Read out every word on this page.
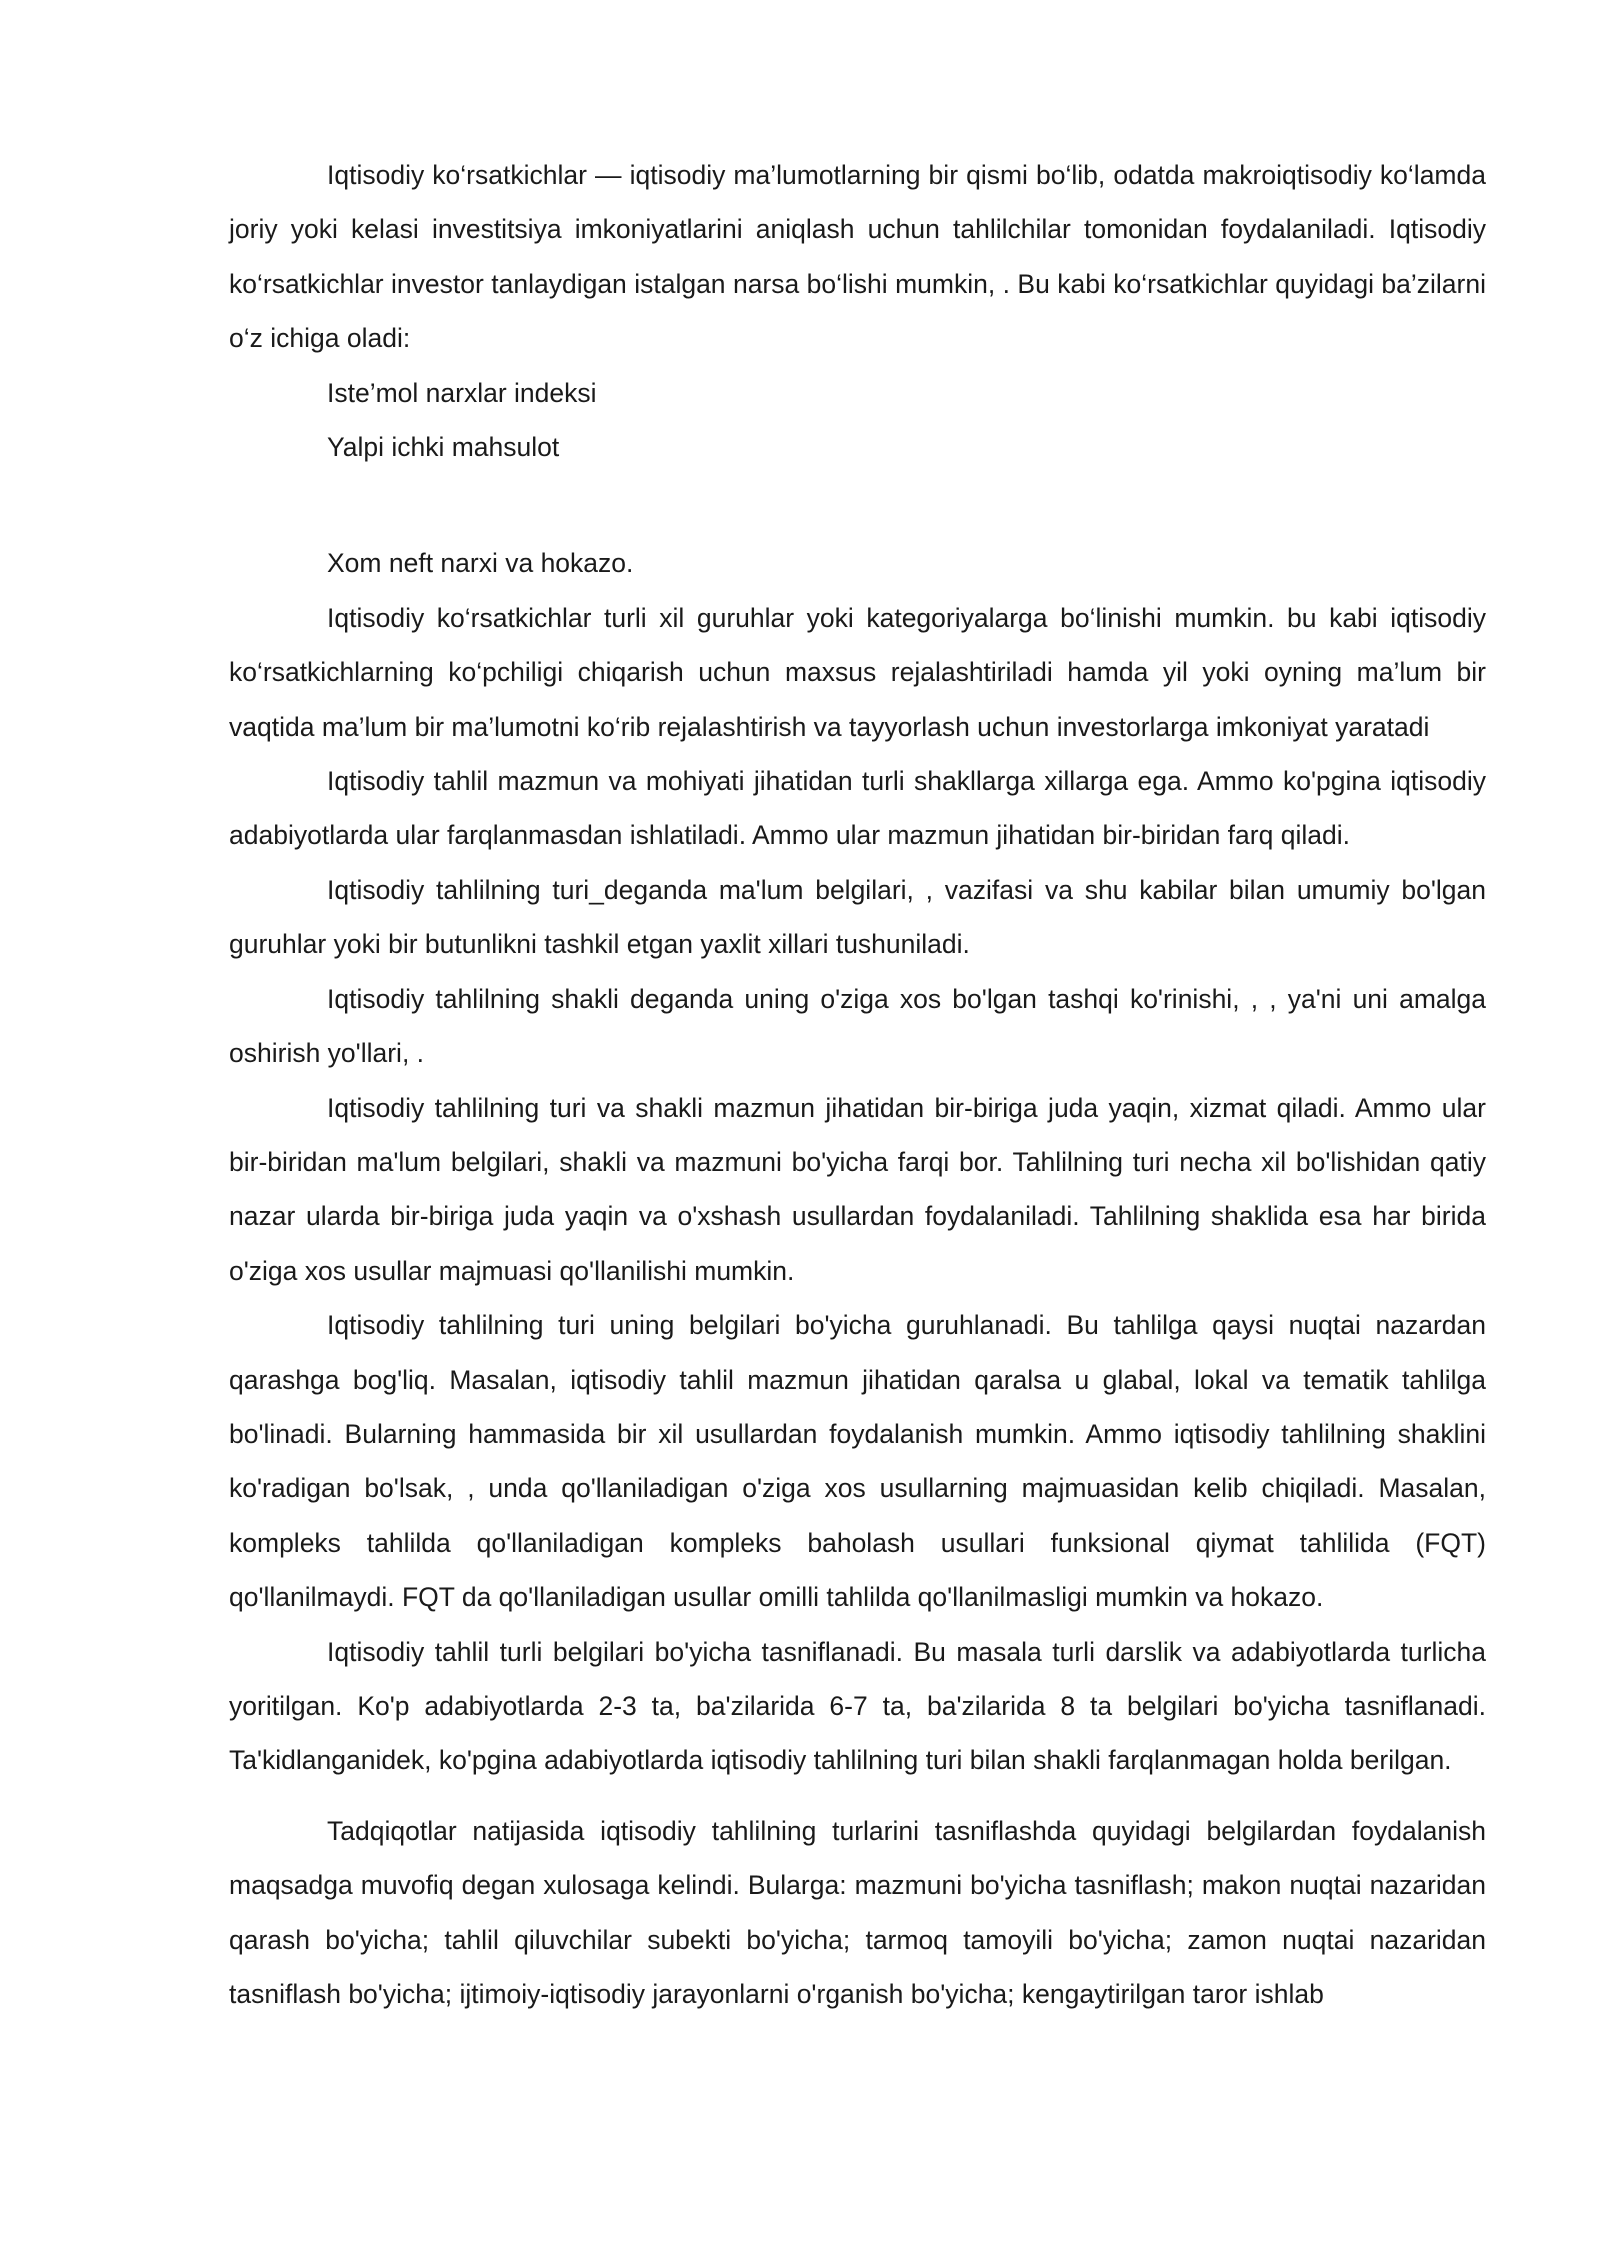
Iqtisodiy ko‘rsatkichlar — iqtisodiy ma’lumotlarning bir qismi bo‘lib, odatda makroiqtisodiy ko‘lamda joriy yoki kelasi investitsiya imkoniyatlarini aniqlash uchun tahlilchilar tomonidan foydalaniladi. Iqtisodiy ko‘rsatkichlar investor tanlaydigan istalgan narsa bo‘lishi mumkin, . Bu kabi ko‘rsatkichlar quyidagi ba’zilarni o‘z ichiga oladi:

Iste’mol narxlar indeksi

Yalpi ichki mahsulot

Xom neft narxi va hokazo.

Iqtisodiy ko‘rsatkichlar turli xil guruhlar yoki kategoriyalarga bo‘linishi mumkin. bu kabi iqtisodiy ko‘rsatkichlarning ko‘pchiligi chiqarish uchun maxsus rejalashtiriladi hamda yil yoki oyning ma’lum bir vaqtida ma’lum bir ma’lumotni ko‘rib rejalashtirish va tayyorlash uchun investorlarga imkoniyat yaratadi

Iqtisodiy tahlil mazmun va mohiyati jihatidan turli shakllarga xillarga ega. Ammo ko'pgina iqtisodiy adabiyotlarda ular farqlanmasdan ishlatiladi. Ammo ular mazmun jihatidan bir-biridan farq qiladi.

Iqtisodiy tahlilning turi_deganda ma'lum belgilari, , vazifasi va shu kabilar bilan umumiy bo'lgan guruhlar yoki bir butunlikni tashkil etgan yaxlit xillari tushuniladi.

Iqtisodiy tahlilning shakli deganda uning o'ziga xos bo'lgan tashqi ko'rinishi, , , ya'ni uni amalga oshirish yo'llari, .

Iqtisodiy tahlilning turi va shakli mazmun jihatidan bir-biriga juda yaqin, xizmat qiladi. Ammo ular bir-biridan ma'lum belgilari, shakli va mazmuni bo'yicha farqi bor. Tahlilning turi necha xil bo'lishidan qatiy nazar ularda bir-biriga juda yaqin va o'xshash usullardan foydalaniladi. Tahlilning shaklida esa har birida o'ziga xos usullar majmuasi qo'llanilishi mumkin.

Iqtisodiy tahlilning turi uning belgilari bo'yicha guruhlanadi. Bu tahlilga qaysi nuqtai nazardan qarashga bog'liq. Masalan, iqtisodiy tahlil mazmun jihatidan qaralsa u glabal, lokal va tematik tahlilga bo'linadi. Bularning hammasida bir xil usullardan foydalanish mumkin. Ammo iqtisodiy tahlilning shaklini ko'radigan bo'lsak, , unda qo'llaniladigan o'ziga xos usullarning majmuasidan kelib chiqiladi. Masalan, kompleks tahlilda qo'llaniladigan kompleks baholash usullari funksional qiymat tahlilida (FQT) qo'llanilmaydi. FQT da qo'llaniladigan usullar omilli tahlilda qo'llanilmasligi mumkin va hokazo.

Iqtisodiy tahlil turli belgilari bo'yicha tasniflanadi. Bu masala turli darslik va adabiyotlarda turlicha yoritilgan. Ko'p adabiyotlarda 2-3 ta, ba'zilarida 6-7 ta, ba'zilarida 8 ta belgilari bo'yicha tasniflanadi. Ta'kidlanganidek, ko'pgina adabiyotlarda iqtisodiy tahlilning turi bilan shakli farqlanmagan holda berilgan.

Tadqiqotlar natijasida iqtisodiy tahlilning turlarini tasniflashda quyidagi belgilardan foydalanish maqsadga muvofiq degan xulosaga kelindi. Bularga: mazmuni bo'yicha tasniflash; makon nuqtai nazaridan qarash bo'yicha; tahlil qiluvchilar subekti bo'yicha; tarmoq tamoyili bo'yicha; zamon nuqtai nazaridan tasniflash bo'yicha; ijtimoiy-iqtisodiy jarayonlarni o'rganish bo'yicha; kengaytirilgan taror ishlab
